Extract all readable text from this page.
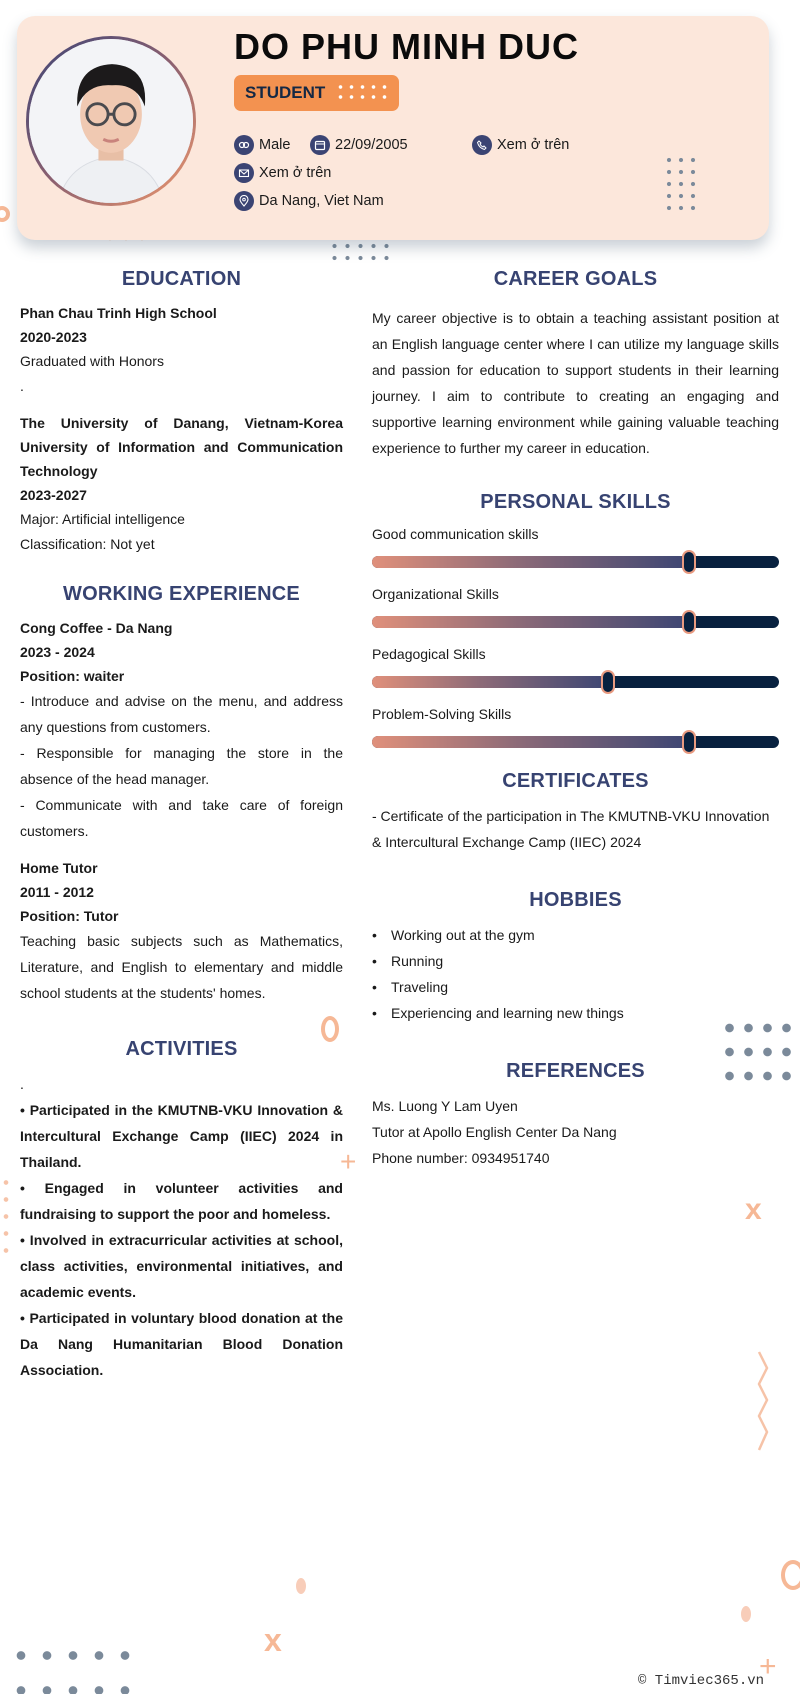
DO PHU MINH DUC
STUDENT
Male	22/09/2005	Xem ở trên
Xem ở trên
Da Nang, Viet Nam
EDUCATION
Phan Chau Trinh High School
2020-2023
Graduated with Honors
.
The University of Danang, Vietnam-Korea University of Information and Communication Technology
2023-2027
Major: Artificial intelligence
Classification: Not yet
WORKING EXPERIENCE
Cong Coffee - Da Nang
2023 - 2024
Position: waiter
- Introduce and advise on the menu, and address any questions from customers.
- Responsible for managing the store in the absence of the head manager.
- Communicate with and take care of foreign customers.
Home Tutor
2011 - 2012
Position: Tutor
Teaching basic subjects such as Mathematics, Literature, and English to elementary and middle school students at the students' homes.
ACTIVITIES
.
• Participated in the KMUTNB-VKU Innovation & Intercultural Exchange Camp (IIEC) 2024 in Thailand.
• Engaged in volunteer activities and fundraising to support the poor and homeless.
• Involved in extracurricular activities at school, class activities, environmental initiatives, and academic events.
• Participated in voluntary blood donation at the Da Nang Humanitarian Blood Donation Association.
CAREER GOALS
My career objective is to obtain a teaching assistant position at an English language center where I can utilize my language skills and passion for education to support students in their learning journey. I aim to contribute to creating an engaging and supportive learning environment while gaining valuable teaching experience to further my career in education.
PERSONAL SKILLS
Good communication skills
Organizational Skills
Pedagogical Skills
Problem-Solving Skills
CERTIFICATES
- Certificate of the participation in The KMUTNB-VKU Innovation & Intercultural Exchange Camp (IIEC) 2024
HOBBIES
• Working out at the gym
• Running
• Traveling
• Experiencing and learning new things
REFERENCES
Ms. Luong Y Lam Uyen
Tutor at Apollo English Center Da Nang
Phone number: 0934951740
+
x
x
+
© Timviec365.vn
